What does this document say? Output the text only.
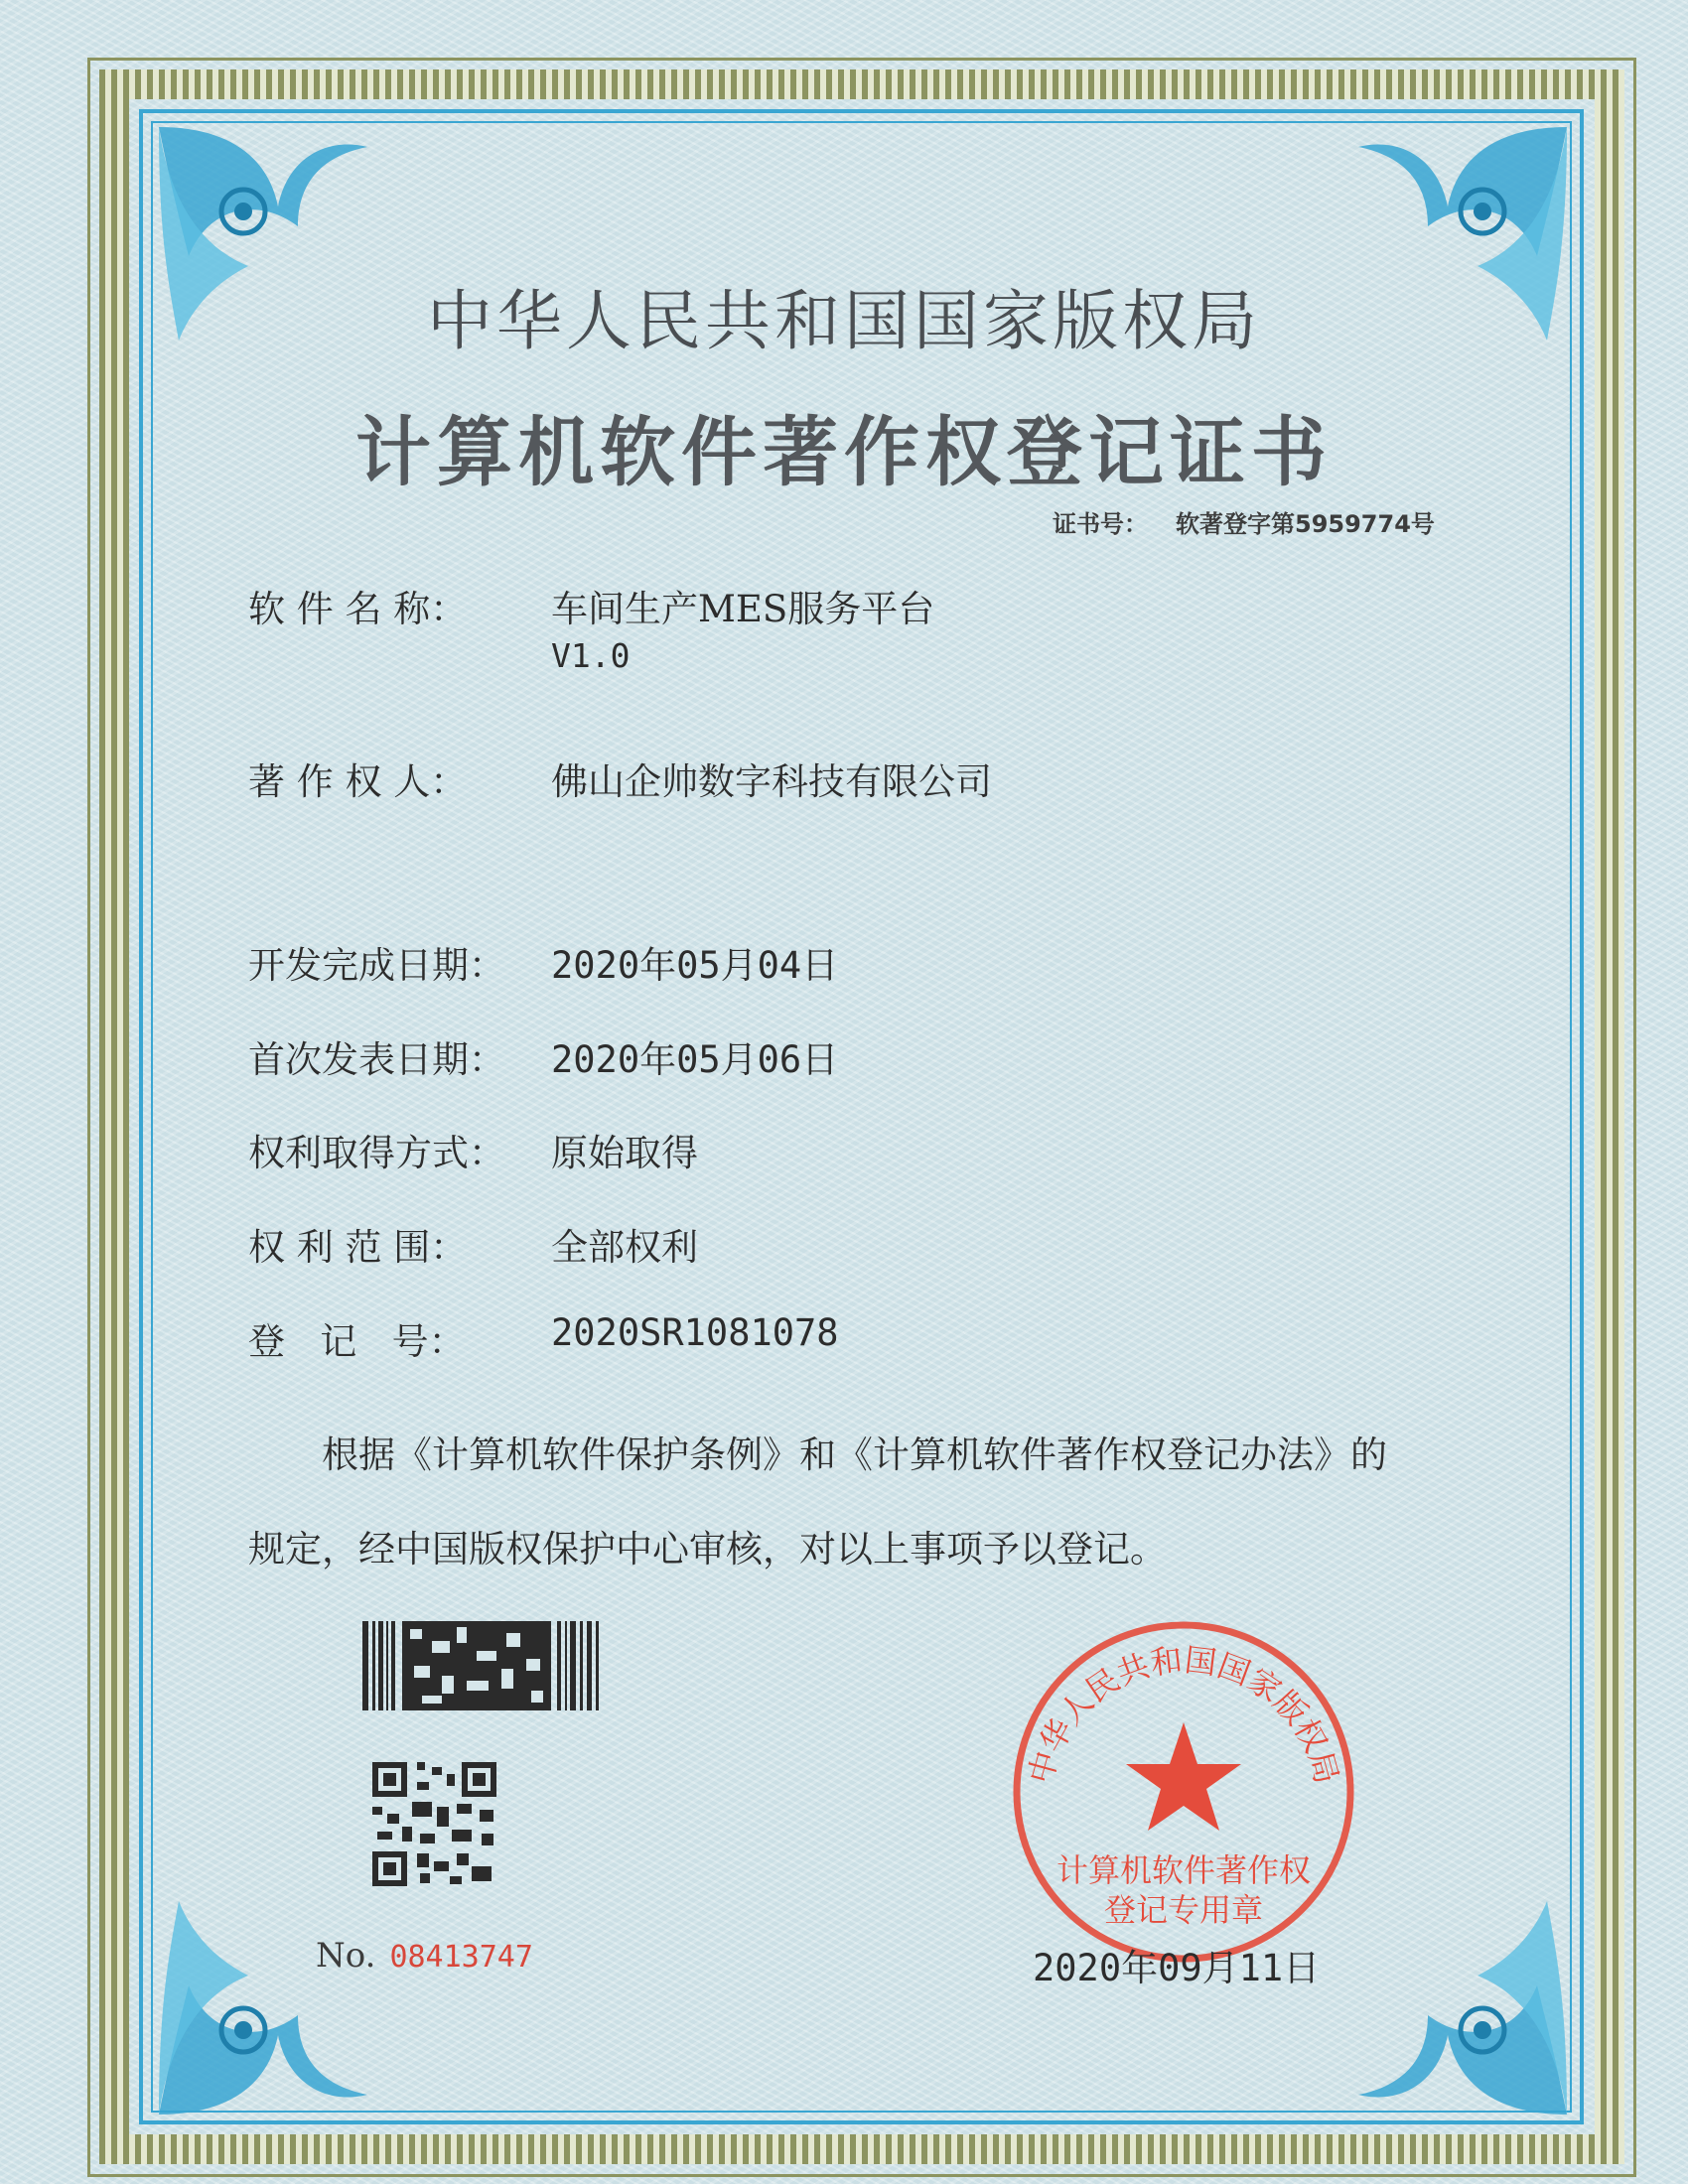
中华人民共和国国家版权局
计算机软件著作权登记证书
证书号： 软著登字第5959774号
软 件 名 称： 车间生产MES服务平台
V1.0
著 作 权 人： 佛山企帅数字科技有限公司
开发完成日期： 2020年05月04日
首次发表日期： 2020年05月06日
权利取得方式： 原始取得
权 利 范 围： 全部权利
登   记   号： 2020SR1081078
根据《计算机软件保护条例》和《计算机软件著作权登记办法》的
规定，经中国版权保护中心审核，对以上事项予以登记。
No. 08413747
中华人民共和国国家版权局
计算机软件著作权
登记专用章
2020年09月11日
